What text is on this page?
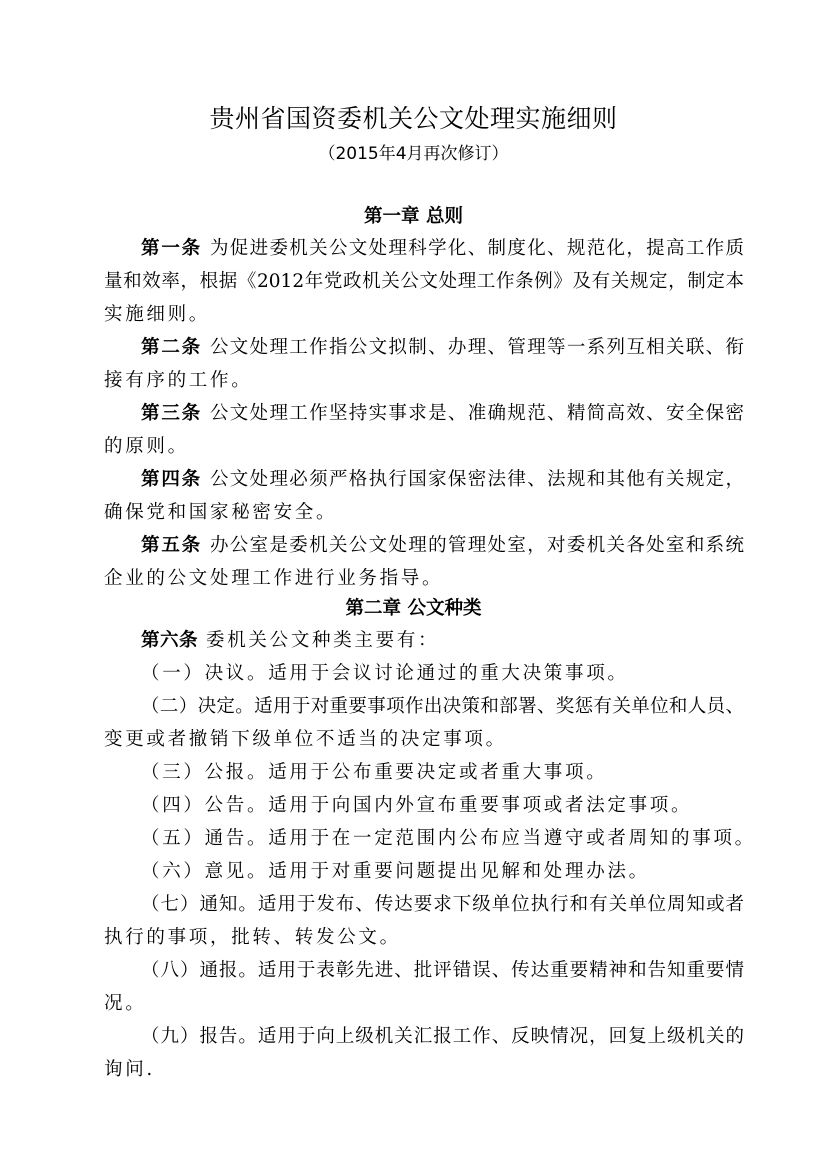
贵州省国资委机关公文处理实施细则
（2015年4月再次修订）
第一章 总则
第一条 为促进委机关公文处理科学化、制度化、规范化，提高工作质
量和效率，根据《2012年党政机关公文处理工作条例》及有关规定，制定本
实施细则。
第二条 公文处理工作指公文拟制、办理、管理等一系列互相关联、衔
接有序的工作。
第三条 公文处理工作坚持实事求是、准确规范、精简高效、安全保密
的原则。
第四条 公文处理必须严格执行国家保密法律、法规和其他有关规定，
确保党和国家秘密安全。
第五条 办公室是委机关公文处理的管理处室，对委机关各处室和系统
企业的公文处理工作进行业务指导。
第二章 公文种类
第六条 委机关公文种类主要有：
（一）决议。适用于会议讨论通过的重大决策事项。
（二）决定。适用于对重要事项作出决策和部署、奖惩有关单位和人员、
变更或者撤销下级单位不适当的决定事项。
（三）公报。适用于公布重要决定或者重大事项。
（四）公告。适用于向国内外宣布重要事项或者法定事项。
（五）通告。适用于在一定范围内公布应当遵守或者周知的事项。
（六）意见。适用于对重要问题提出见解和处理办法。
（七）通知。适用于发布、传达要求下级单位执行和有关单位周知或者
执行的事项，批转、转发公文。
（八）通报。适用于表彰先进、批评错误、传达重要精神和告知重要情
况。
（九）报告。适用于向上级机关汇报工作、反映情况，回复上级机关的
询问.
